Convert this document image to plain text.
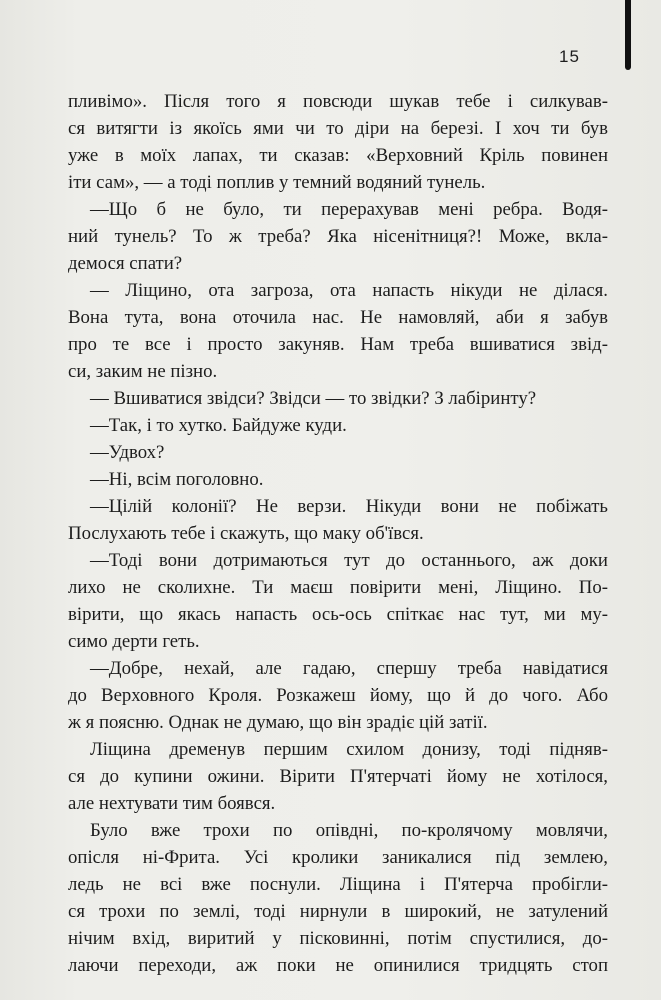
15
пливімо». Після того я повсюди шукав тебе і силкував-
ся витягти із якоїсь ями чи то діри на березі. І хоч ти був
уже в моїх лапах, ти сказав: «Верховний Кріль повинен
іти сам», — а тоді поплив у темний водяний тунель.
—Що б не було, ти перерахував мені ребра. Водя-
ний тунель? То ж треба? Яка нісенітниця?! Може, вкла-
демося спати?
— Ліщино, ота загроза, ота напасть нікуди не ділася.
Вона тута, вона оточила нас. Не намовляй, аби я забув
про те все і просто закуняв. Нам треба вшиватися звід-
си, заким не пізно.
— Вшиватися звідси? Звідси — то звідки? З лабіринту?
—Так, і то хутко. Байдуже куди.
—Удвох?
—Ні, всім поголовно.
—Цілій колонії? Не верзи. Нікуди вони не побіжать
Послухають тебе і скажуть, що маку об'ївся.
—Тоді вони дотримаються тут до останнього, аж доки
лихо не сколихне. Ти маєш повірити мені, Ліщино. По-
вірити, що якась напасть ось-ось спіткає нас тут, ми му-
симо дерти геть.
—Добре, нехай, але гадаю, спершу треба навідатися
до Верховного Кроля. Розкажеш йому, що й до чого. Або
ж я поясню. Однак не думаю, що він зрадіє цій затії.
Ліщина дременув першим схилом донизу, тоді підняв-
ся до купини ожини. Вірити П'ятерчаті йому не хотілося,
але нехтувати тим боявся.
Було вже трохи по опівдні, по-кролячому мовлячи,
опісля ні-Фрита. Усі кролики заникалися під землею,
ледь не всі вже поснули. Ліщина і П'ятерча пробігли-
ся трохи по землі, тоді нирнули в широкий, не затулений
нічим вхід, виритий у пісковинні, потім спустилися, до-
лаючи переходи, аж поки не опинилися тридцять стоп
